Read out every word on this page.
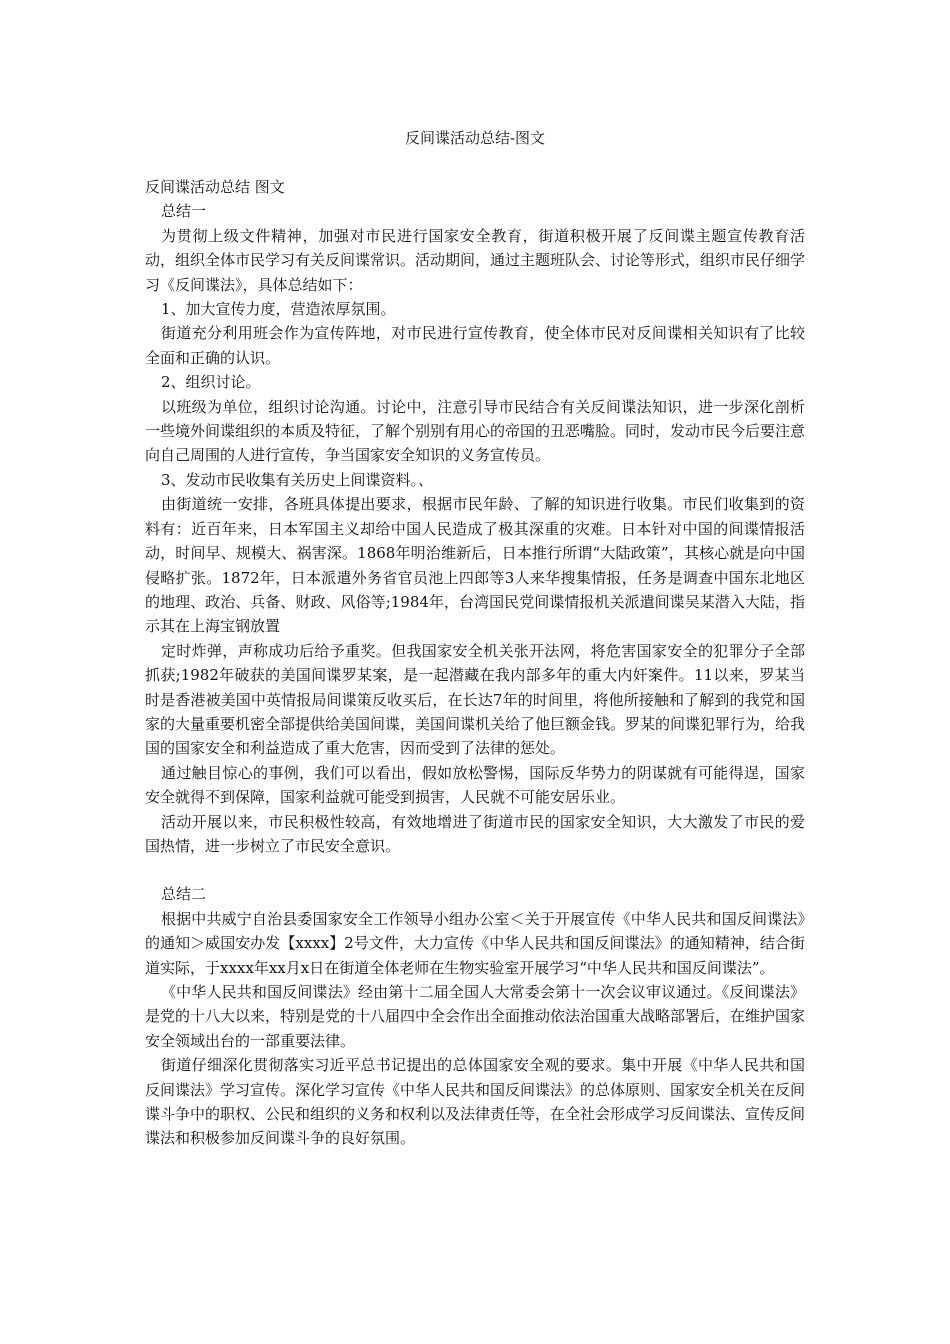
反间谍活动总结-图文

反间谍活动总结 图文

总结一

为贯彻上级文件精神，加强对市民进行国家安全教育，街道积极开展了反间谍主题宣传教育活动，组织全体市民学习有关反间谍常识。活动期间，通过主题班队会、讨论等形式，组织市民仔细学习《反间谍法》，具体总结如下：

1、加大宣传力度，营造浓厚氛围。

街道充分利用班会作为宣传阵地，对市民进行宣传教育，使全体市民对反间谍相关知识有了比较全面和正确的认识。

2、组织讨论。

以班级为单位，组织讨论沟通。讨论中，注意引导市民结合有关反间谍法知识，进一步深化剖析一些境外间谍组织的本质及特征，了解个别别有用心的帝国的丑恶嘴脸。同时，发动市民今后要注意向自己周围的人进行宣传，争当国家安全知识的义务宣传员。

3、发动市民收集有关历史上间谍资料。、

由街道统一安排，各班具体提出要求，根据市民年龄、了解的知识进行收集。市民们收集到的资料有：近百年来，日本军国主义却给中国人民造成了极其深重的灾难。日本针对中国的间谍情报活动，时间早、规模大、祸害深。1868年明治维新后，日本推行所谓“大陆政策”，其核心就是向中国侵略扩张。1872年，日本派遣外务省官员池上四郎等3人来华搜集情报，任务是调查中国东北地区的地理、政治、兵备、财政、风俗等;1984年，台湾国民党间谍情报机关派遣间谍吴某潜入大陆，指示其在上海宝钢放置

定时炸弹，声称成功后给予重奖。但我国家安全机关张开法网，将危害国家安全的犯罪分子全部抓获;1982年破获的美国间谍罗某案，是一起潜藏在我内部多年的重大内奸案件。11以来，罗某当时是香港被美国中英情报局间谍策反收买后，在长达7年的时间里，将他所接触和了解到的我党和国家的大量重要机密全部提供给美国间谍，美国间谍机关给了他巨额金钱。罗某的间谍犯罪行为，给我国的国家安全和利益造成了重大危害，因而受到了法律的惩处。

通过触目惊心的事例，我们可以看出，假如放松警惕，国际反华势力的阴谋就有可能得逞，国家安全就得不到保障，国家利益就可能受到损害，人民就不可能安居乐业。

活动开展以来，市民积极性较高，有效地增进了街道市民的国家安全知识，大大激发了市民的爱国热情，进一步树立了市民安全意识。

总结二

根据中共威宁自治县委国家安全工作领导小组办公室＜关于开展宣传《中华人民共和国反间谍法》的通知＞威国安办发【xxxx】2号文件，大力宣传《中华人民共和国反间谍法》的通知精神，结合街道实际，于xxxx年xx月x日在街道全体老师在生物实验室开展学习“中华人民共和国反间谍法”。

《中华人民共和国反间谍法》经由第十二届全国人大常委会第十一次会议审议通过。《反间谍法》是党的十八大以来，特别是党的十八届四中全会作出全面推动依法治国重大战略部署后，在维护国家安全领域出台的一部重要法律。

街道仔细深化贯彻落实习近平总书记提出的总体国家安全观的要求。集中开展《中华人民共和国反间谍法》学习宣传。深化学习宣传《中华人民共和国反间谍法》的总体原则、国家安全机关在反间谍斗争中的职权、公民和组织的义务和权利以及法律责任等，在全社会形成学习反间谍法、宣传反间谍法和积极参加反间谍斗争的良好氛围。
